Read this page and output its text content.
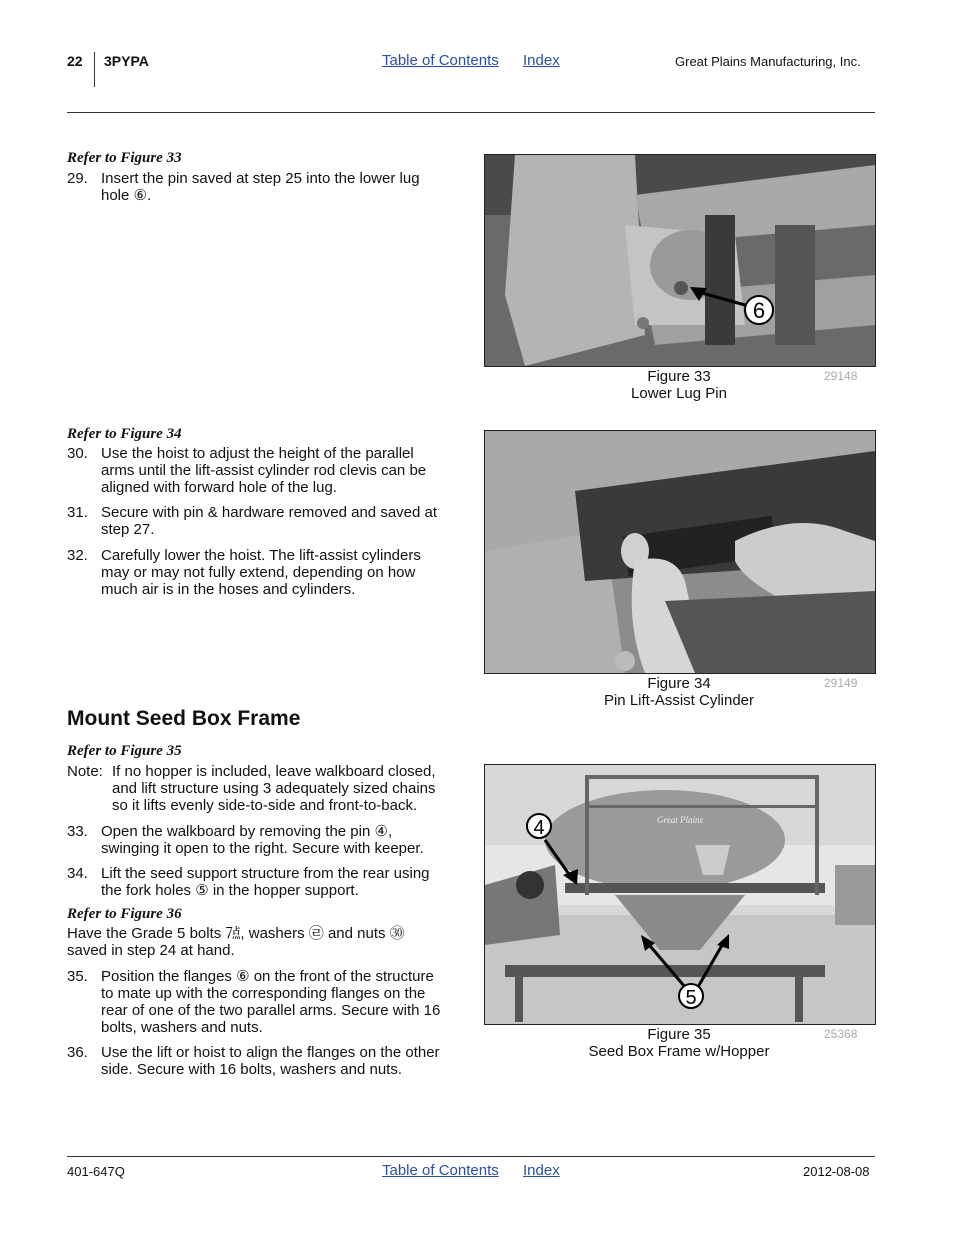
22 3PYPA	Table of Contents Index	Great Plains Manufacturing, Inc.
Refer to Figure 33
29. Insert the pin saved at step 25 into the lower lug
hole ⑥.
6
Figure 33
Lower Lug Pin
29148
Refer to Figure 34
30. Use the hoist to adjust the height of the parallel
arms until the lift-assist cylinder rod clevis can be
aligned with forward hole of the lug.
31. Secure with pin & hardware removed and saved at
step 27.
32. Carefully lower the hoist. The lift-assist cylinders
may or may not fully extend, depending on how
much air is in the hoses and cylinders.
Figure 34
Pin Lift-Assist Cylinder
29149
Mount Seed Box Frame
Refer to Figure 35
Note: If no hopper is included, leave walkboard closed,
and lift structure using 3 adequately sized chains
so it lifts evenly side-to-side and front-to-back.
33. Open the walkboard by removing the pin ④,
swinging it open to the right. Secure with keeper.
34. Lift the seed support structure from the rear using
the fork holes ⑤ in the hopper support.
Refer to Figure 36
Have the Grade 5 bolts ㍟, washers ㉣ and nuts ㉚
saved in step 24 at hand.
35. Position the flanges ⑥ on the front of the structure
to mate up with the corresponding flanges on the
rear of one of the two parallel arms. Secure with 16
bolts, washers and nuts.
36. Use the lift or hoist to align the flanges on the other
side. Secure with 16 bolts, washers and nuts.
Great Plains
4
5
Figure 35
Seed Box Frame w/Hopper
25368
401-647Q	Table of Contents Index	2012-08-08
